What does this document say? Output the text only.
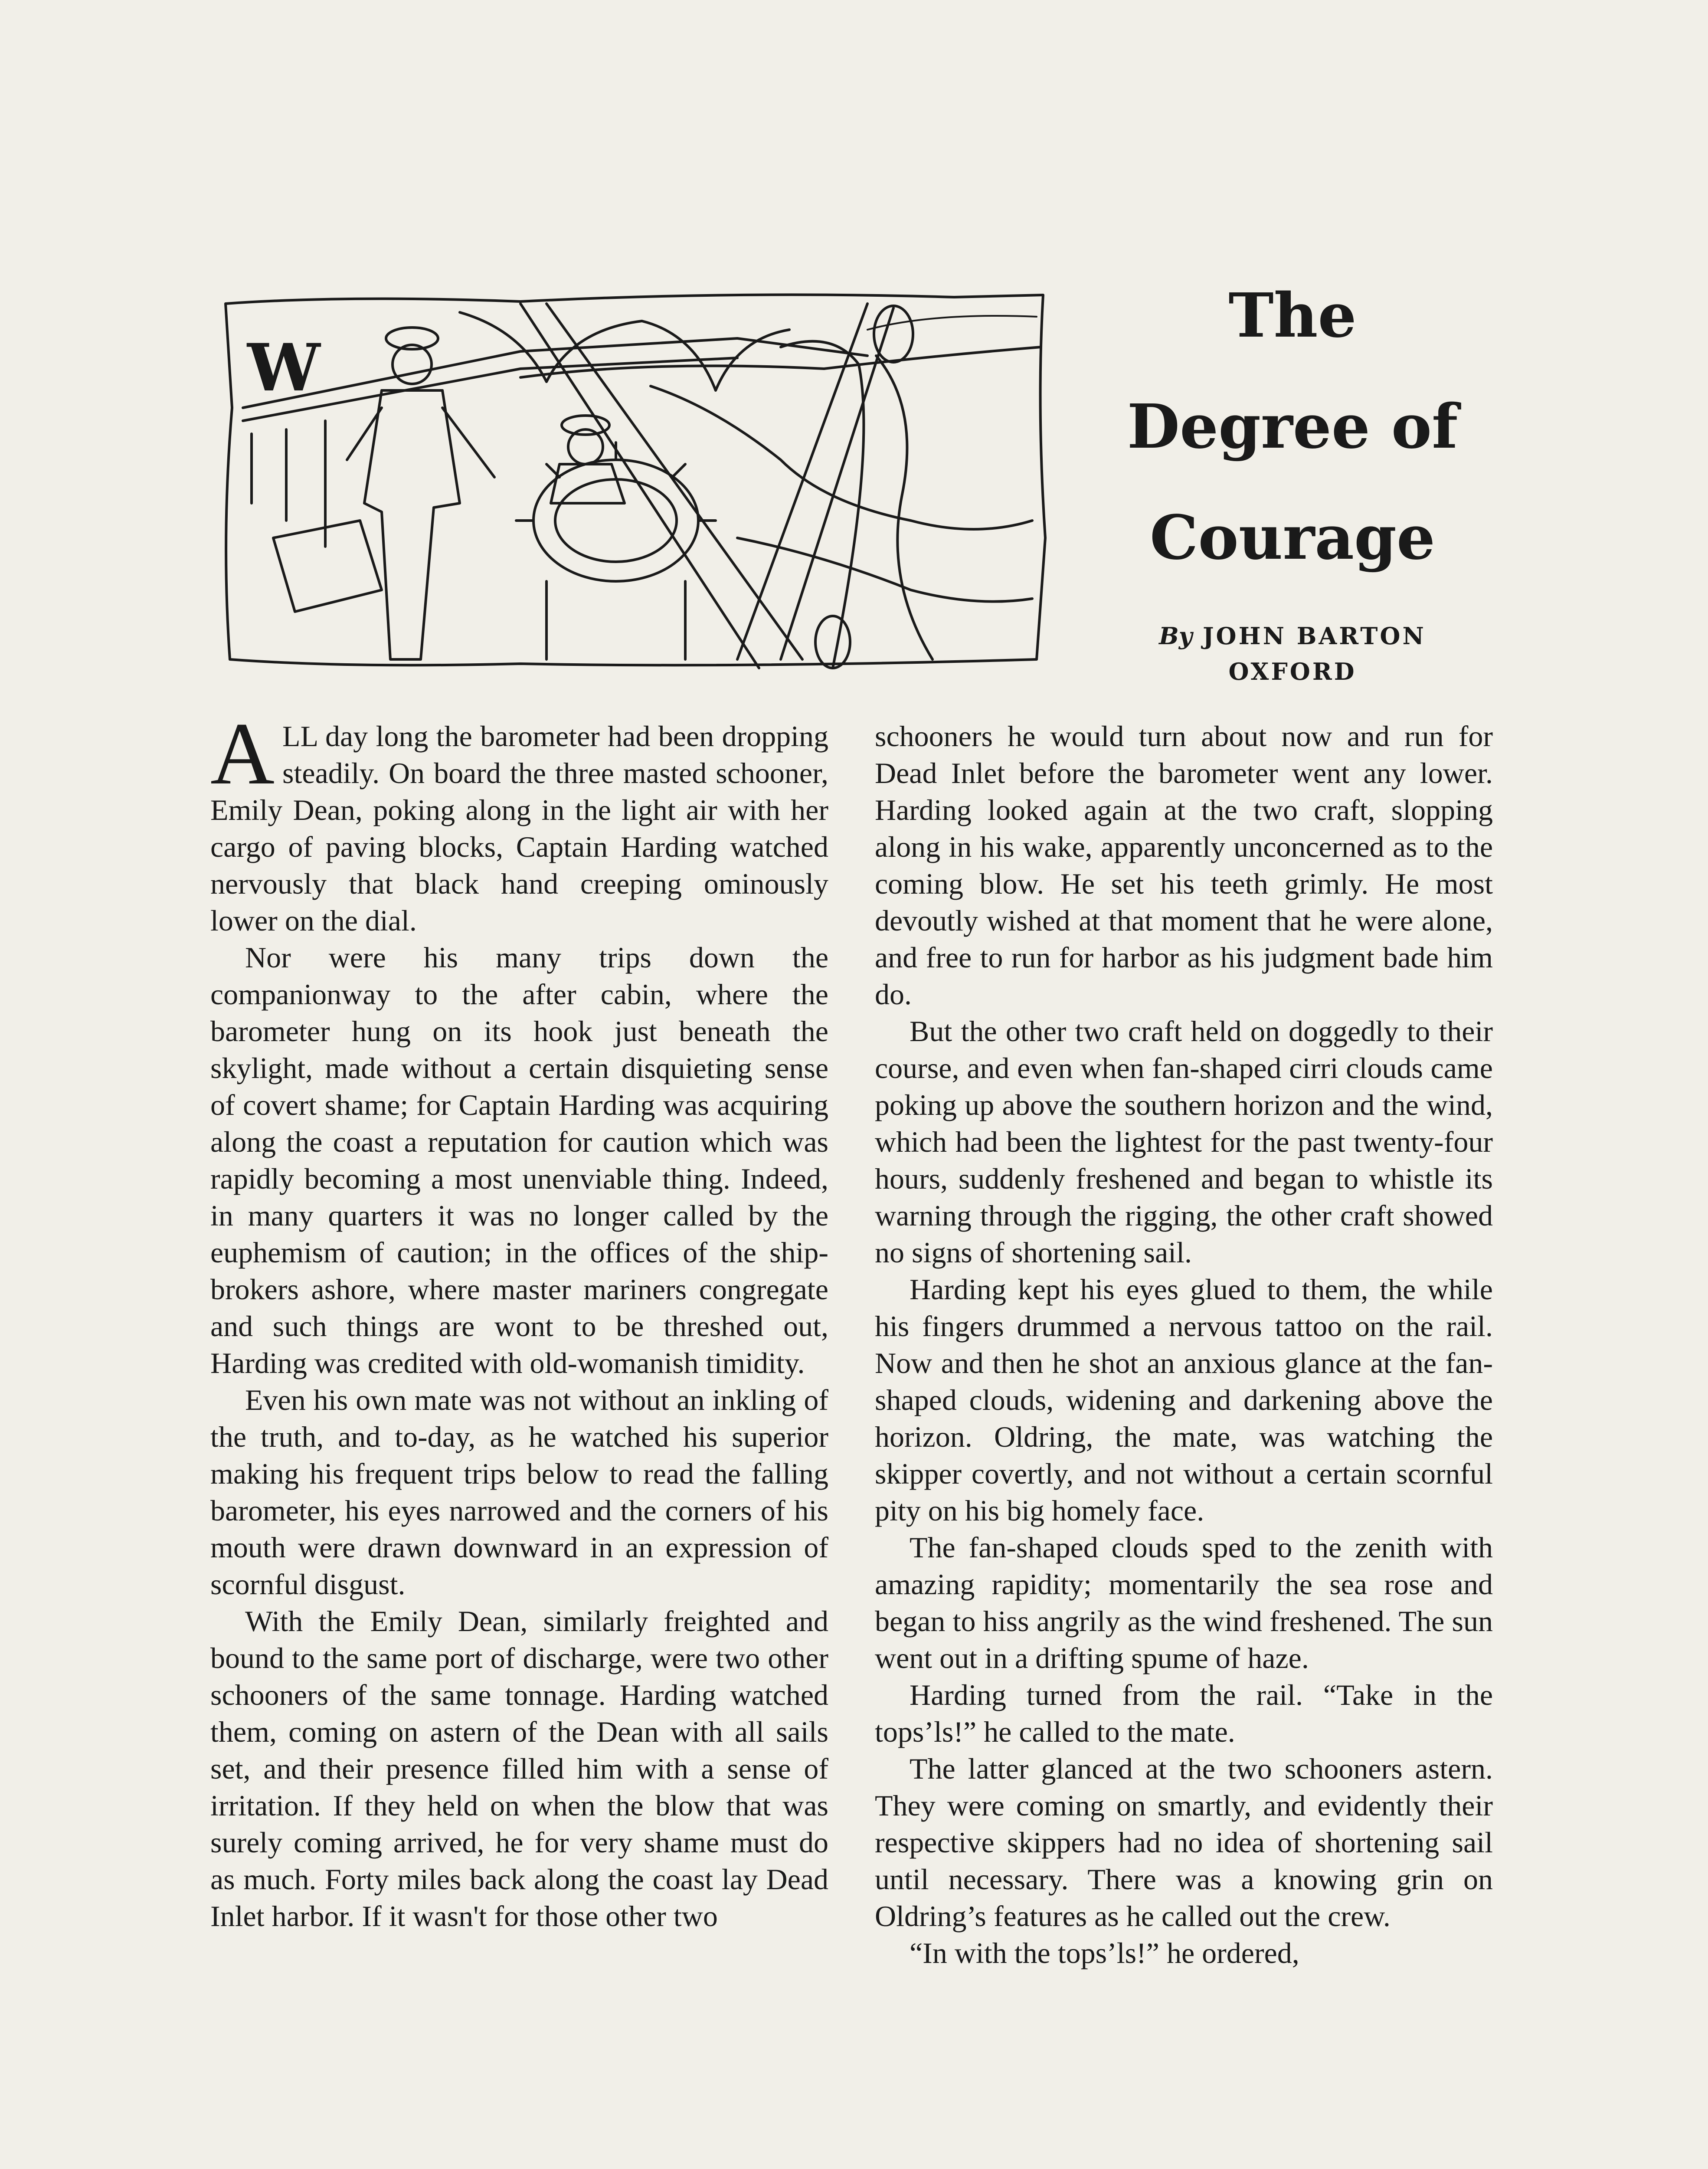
W
The
Degree of
Courage
By JOHN BARTON
OXFORD

A LL day long the barometer had been dropping steadily. On board the three masted schooner, Emily Dean, poking along in the light air with her cargo of paving blocks, Captain Harding watched nervously that black hand creeping ominously lower on the dial.

Nor were his many trips down the companionway to the after cabin, where the barometer hung on its hook just beneath the skylight, made without a certain disquieting sense of covert shame; for Captain Harding was acquiring along the coast a reputation for caution which was rapidly becoming a most unenviable thing. Indeed, in many quarters it was no longer called by the euphemism of caution; in the offices of the ship-brokers ashore, where master mariners congregate and such things are wont to be threshed out, Harding was credited with old-womanish timidity.

Even his own mate was not without an inkling of the truth, and to-day, as he watched his superior making his frequent trips below to read the falling barometer, his eyes narrowed and the corners of his mouth were drawn downward in an expression of scornful disgust.

With the Emily Dean, similarly freighted and bound to the same port of discharge, were two other schooners of the same tonnage. Harding watched them, coming on astern of the Dean with all sails set, and their presence filled him with a sense of irritation. If they held on when the blow that was surely coming arrived, he for very shame must do as much. Forty miles back along the coast lay Dead Inlet harbor. If it wasn't for those other two

schooners he would turn about now and run for Dead Inlet before the barometer went any lower. Harding looked again at the two craft, slopping along in his wake, apparently unconcerned as to the coming blow. He set his teeth grimly. He most devoutly wished at that moment that he were alone, and free to run for harbor as his judgment bade him do.

But the other two craft held on doggedly to their course, and even when fan-shaped cirri clouds came poking up above the southern horizon and the wind, which had been the lightest for the past twenty-four hours, suddenly freshened and began to whistle its warning through the rigging, the other craft showed no signs of shortening sail.

Harding kept his eyes glued to them, the while his fingers drummed a nervous tattoo on the rail. Now and then he shot an anxious glance at the fan-shaped clouds, widening and darkening above the horizon. Oldring, the mate, was watching the skipper covertly, and not without a certain scornful pity on his big homely face.

The fan-shaped clouds sped to the zenith with amazing rapidity; momentarily the sea rose and began to hiss angrily as the wind freshened. The sun went out in a drifting spume of haze.

Harding turned from the rail. “Take in the tops’ls!” he called to the mate.

The latter glanced at the two schooners astern. They were coming on smartly, and evidently their respective skippers had no idea of shortening sail until necessary. There was a knowing grin on Oldring’s features as he called out the crew.

“In with the tops’ls!” he ordered,
